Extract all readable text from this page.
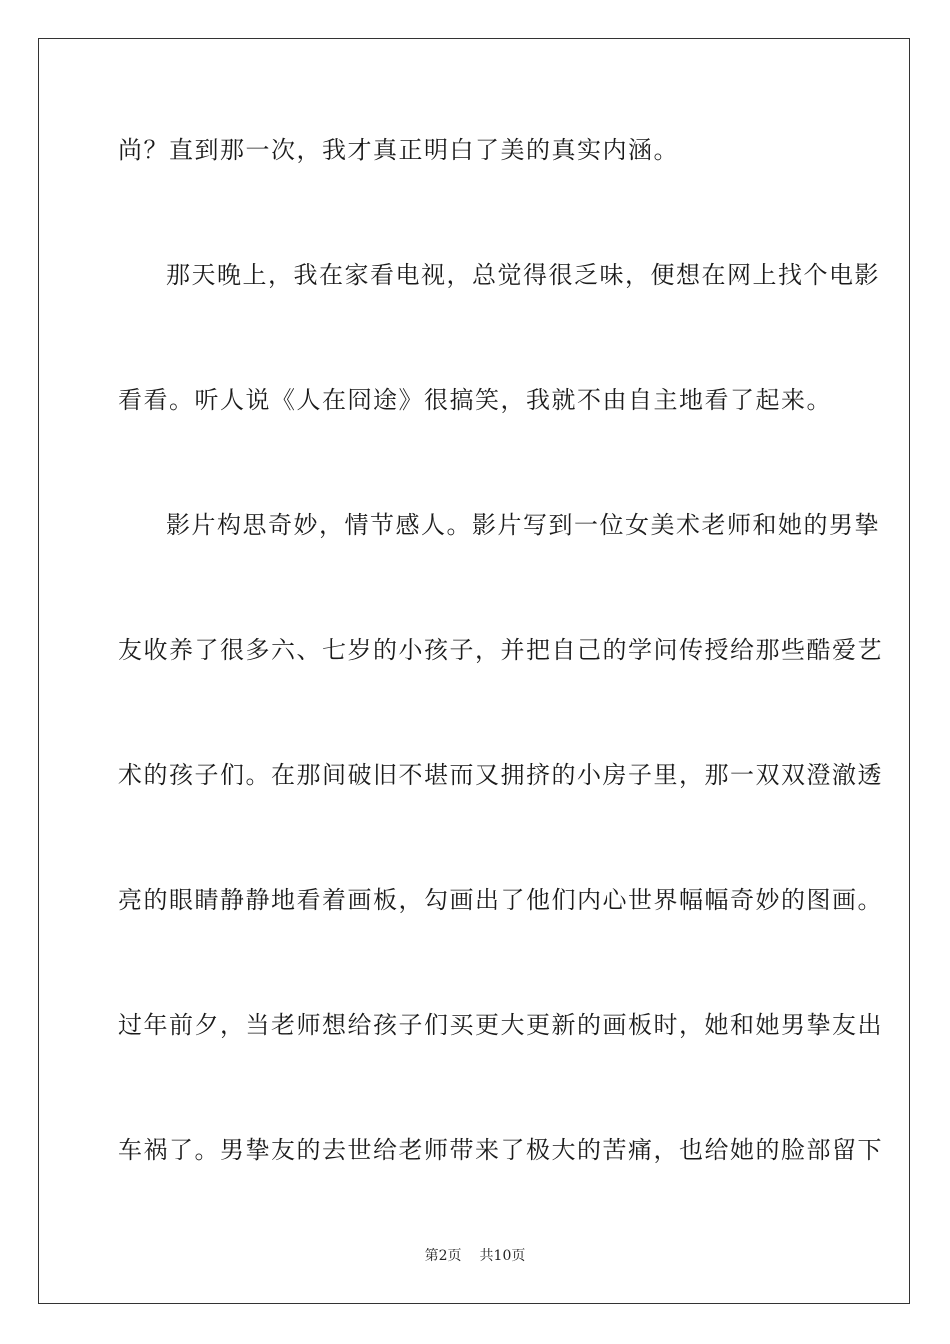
尚？直到那一次，我才真正明白了美的真实内涵。
那天晚上，我在家看电视，总觉得很乏味，便想在网上找个电影
看看。听人说《人在冏途》很搞笑，我就不由自主地看了起来。
影片构思奇妙，情节感人。影片写到一位女美术老师和她的男挚
友收养了很多六、七岁的小孩子，并把自己的学问传授给那些酷爱艺
术的孩子们。在那间破旧不堪而又拥挤的小房子里，那一双双澄澈透
亮的眼睛静静地看着画板，勾画出了他们内心世界幅幅奇妙的图画。
过年前夕，当老师想给孩子们买更大更新的画板时，她和她男挚友出
车祸了。男挚友的去世给老师带来了极大的苦痛，也给她的脸部留下
第2页 共10页
